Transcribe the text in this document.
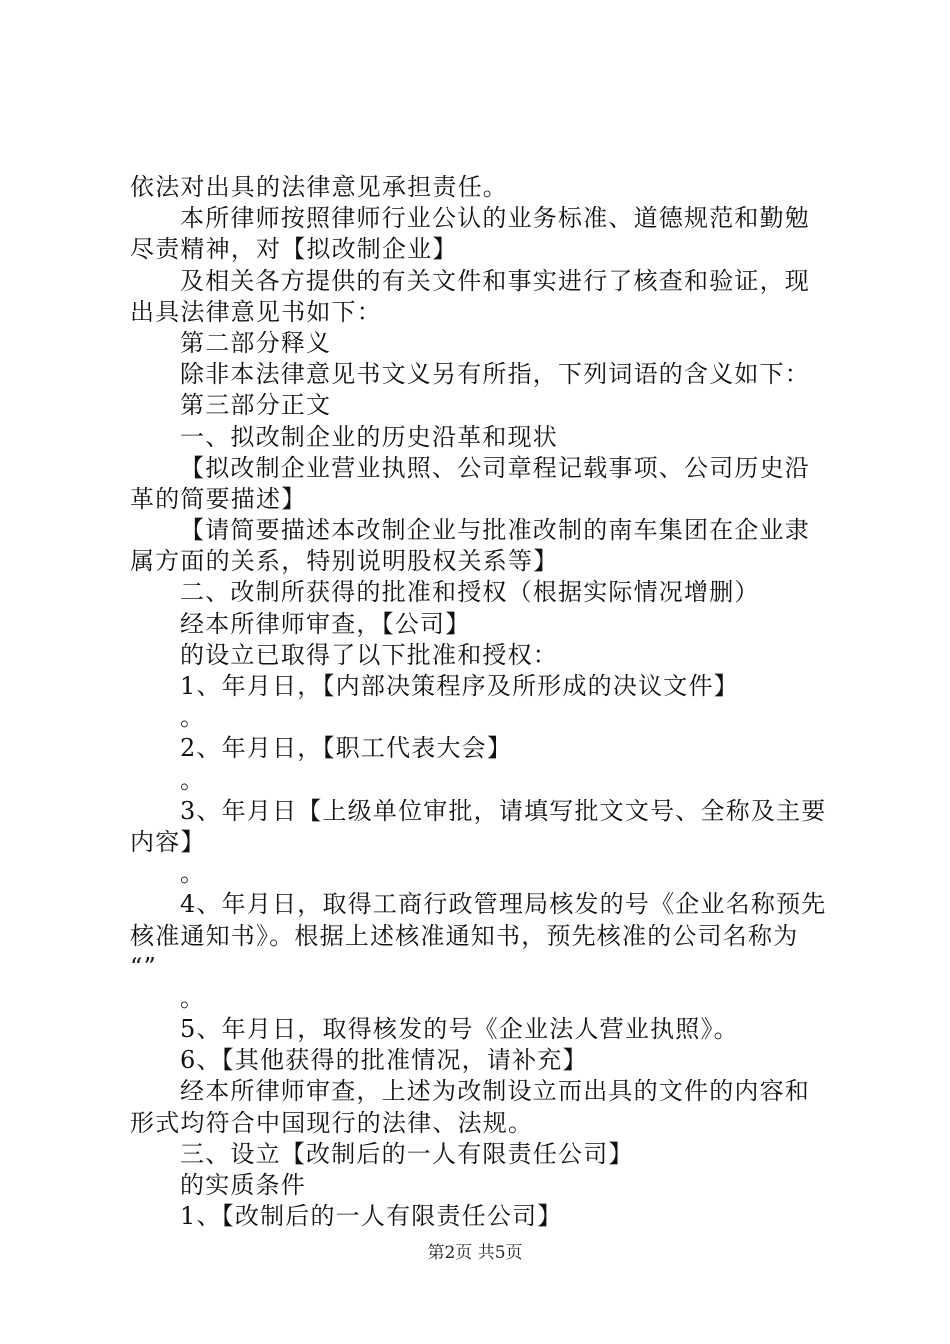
依法对出具的法律意见承担责任。
本所律师按照律师行业公认的业务标准、道德规范和勤勉
尽责精神，对【拟改制企业】
及相关各方提供的有关文件和事实进行了核查和验证，现
出具法律意见书如下：
第二部分释义
除非本法律意见书文义另有所指，下列词语的含义如下：
第三部分正文
一、拟改制企业的历史沿革和现状
【拟改制企业营业执照、公司章程记载事项、公司历史沿
革的简要描述】
【请简要描述本改制企业与批准改制的南车集团在企业隶
属方面的关系，特别说明股权关系等】
二、改制所获得的批准和授权（根据实际情况增删）
经本所律师审查，【公司】
的设立已取得了以下批准和授权：
1、年月日，【内部决策程序及所形成的决议文件】
。
2、年月日，【职工代表大会】
。
3、年月日【上级单位审批，请填写批文文号、全称及主要
内容】
。
4、年月日，取得工商行政管理局核发的号《企业名称预先
核准通知书》。根据上述核准通知书，预先核准的公司名称为
“”
。
5、年月日，取得核发的号《企业法人营业执照》。
6、【其他获得的批准情况，请补充】
经本所律师审查，上述为改制设立而出具的文件的内容和
形式均符合中国现行的法律、法规。
三、设立【改制后的一人有限责任公司】
的实质条件
1、【改制后的一人有限责任公司】
第2页 共5页
